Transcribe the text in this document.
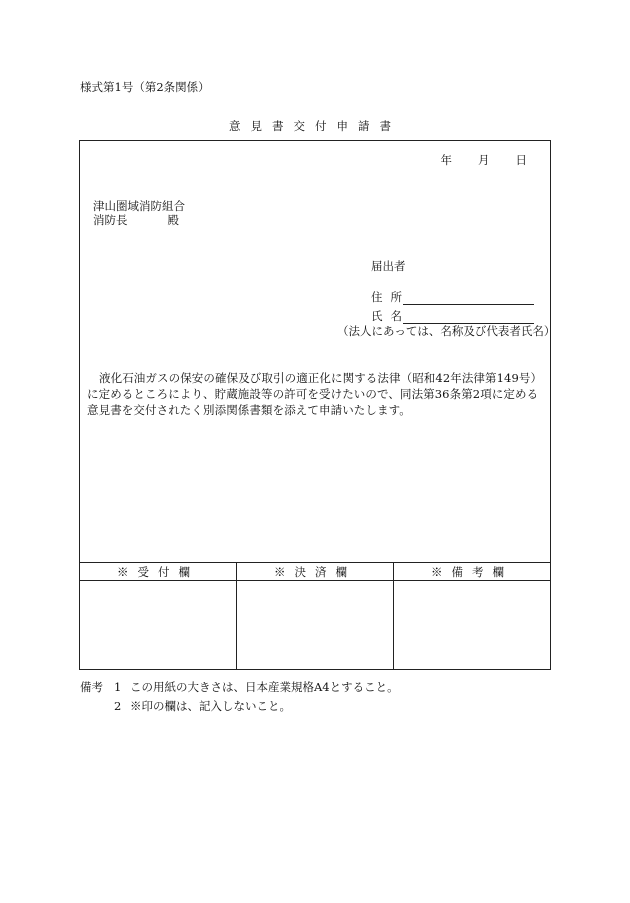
様式第1号（第2条関係）
意見書交付申請書
年 月 日
津山圏域消防組合
消防長	殿
届出者
住所
氏名
（法人にあっては、名称及び代表者氏名）
液化石油ガスの保安の確保及び取引の適正化に関する法律（昭和42年法律第149号）に定めるところにより、貯蔵施設等の許可を受けたいので、同法第36条第2項に定める意見書を交付されたく別添関係書類を添えて申請いたします。
※受付欄	※決済欄	※備考欄

備考 1 この用紙の大きさは、日本産業規格A4とすること。
2 ※印の欄は、記入しないこと。
